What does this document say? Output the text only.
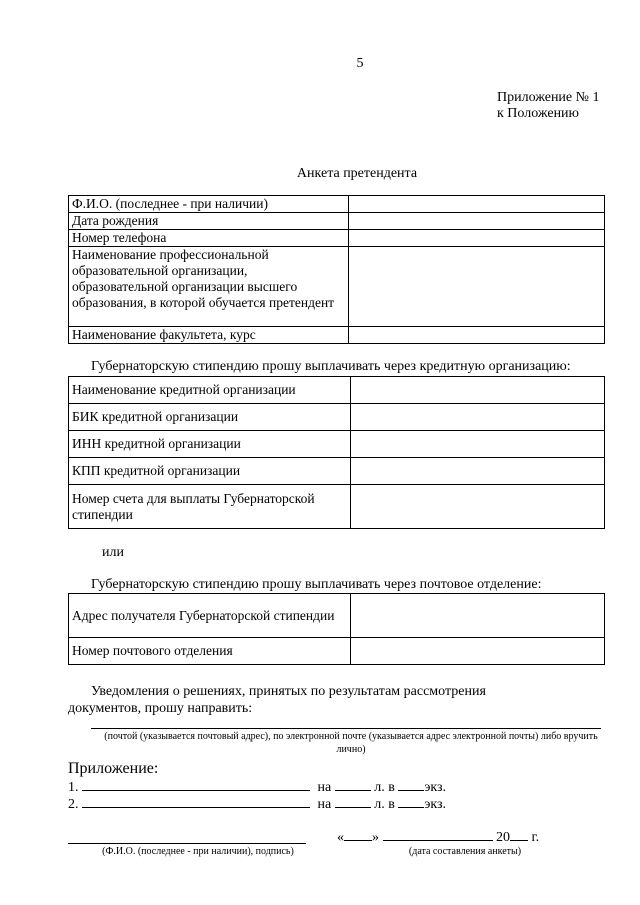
5
Приложение № 1
к Положению
Анкета претендента
Ф.И.О. (последнее - при наличии)	
Дата рождения	
Номер телефона	
Наименование профессиональной образовательной организации, образовательной организации высшего образования, в которой обучается претендент	
Наименование факультета, курс	
Губернаторскую стипендию прошу выплачивать через кредитную организацию:
Наименование кредитной организации	
БИК кредитной организации	
ИНН кредитной организации	
КПП кредитной организации	
Номер счета для выплаты Губернаторской стипендии	
или
Губернаторскую стипендию прошу выплачивать через почтовое отделение:
Адрес получателя Губернаторской стипендии	
Номер почтового отделения	
Уведомления о решениях, принятых по результатам рассмотрения документов, прошу направить:
(почтой (указывается почтовый адрес), по электронной почте (указывается адрес электронной почты) либо вручить лично)
Приложение:
1.	на	л. в экз.
2.	на	л. в экз.
(Ф.И.О. (последнее - при наличии), подпись)
« »	20 г.
(дата составления анкеты)
